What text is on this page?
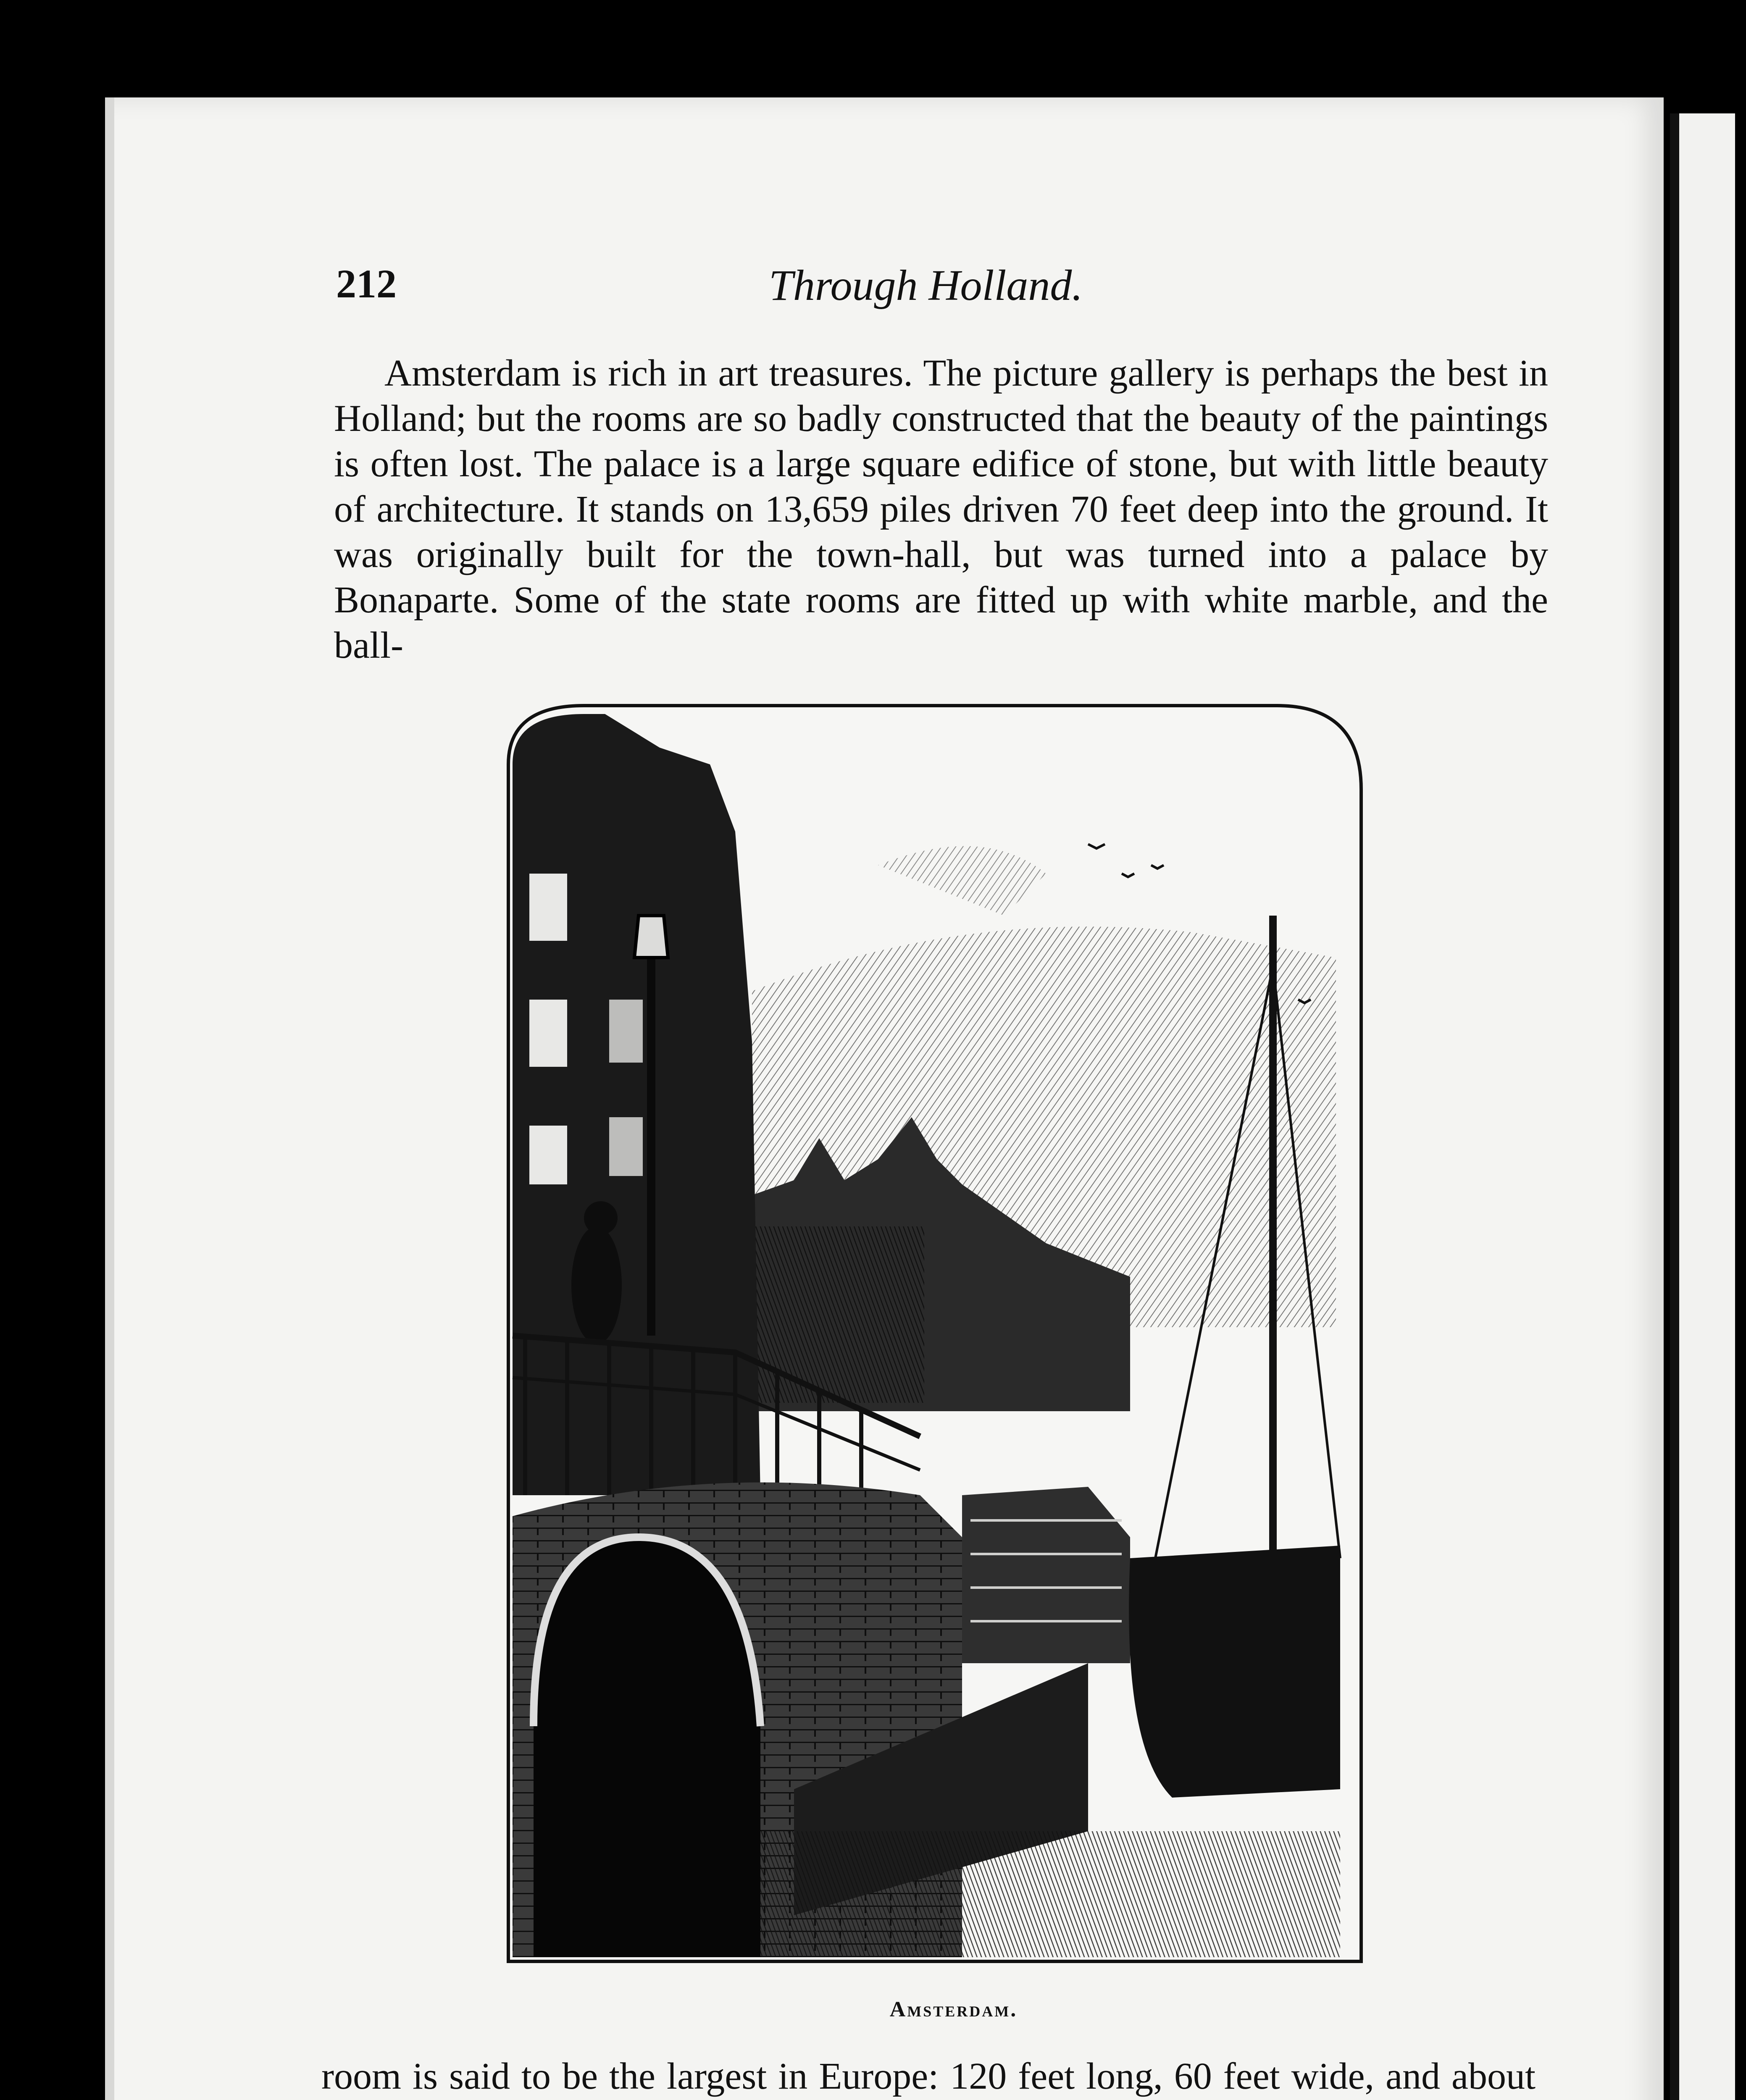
212	Through Holland.

Amsterdam is rich in art treasures. The picture gallery is perhaps the best in Holland; but the rooms are so badly constructed that the beauty of the paintings is often lost. The palace is a large square edifice of stone, but with little beauty of architecture. It stands on 13,659 piles driven 70 feet deep into the ground. It was originally built for the town-hall, but was turned into a palace by Bonaparte. Some of the state rooms are fitted up with white marble, and the ball-

Amsterdam.

room is said to be the largest in Europe: 120 feet long, 60 feet wide, and about
